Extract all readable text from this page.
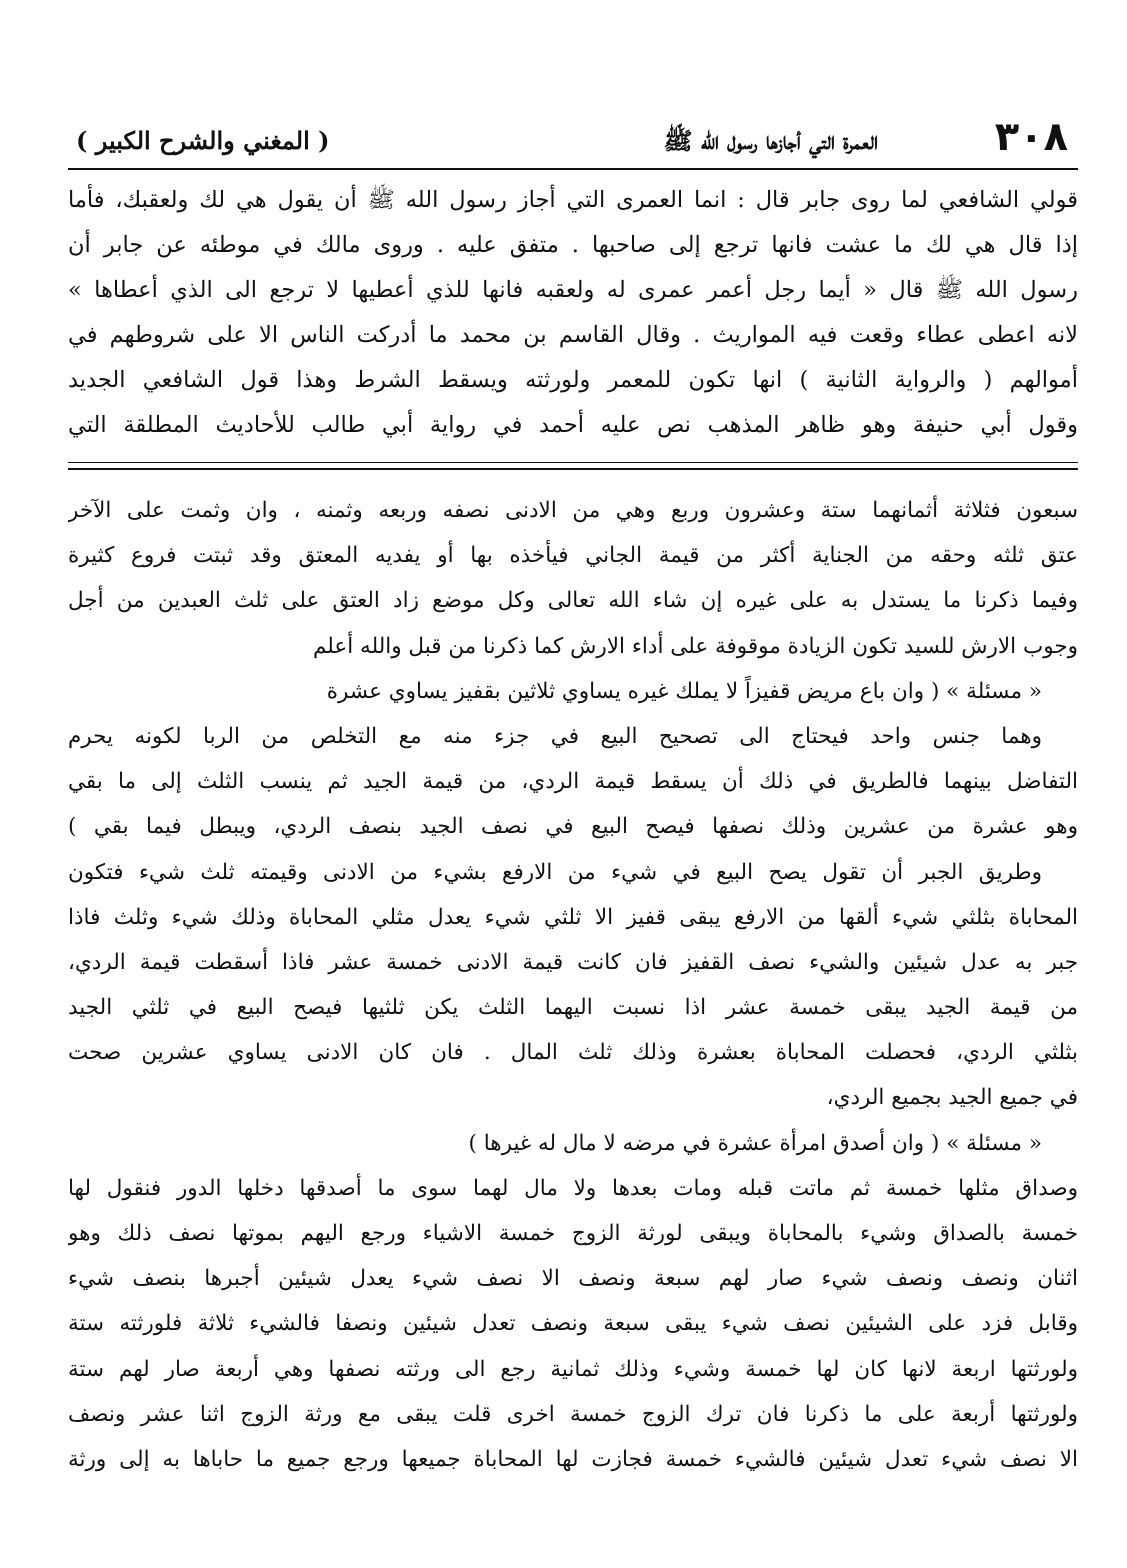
٣٠٨
العمرة التي أجازها رسول الله ﷺ
( المغني والشرح الكبير )
قولي الشافعي لما روى جابر قال : انما العمرى التي أجاز رسول الله ﷺ أن يقول هي لك ولعقبك، فأما
إذا قال هي لك ما عشت فانها ترجع إلى صاحبها . متفق عليه . وروى مالك في موطئه عن جابر أن
رسول الله ﷺ قال « أيما رجل أعمر عمرى له ولعقبه فانها للذي أعطيها لا ترجع الى الذي أعطاها »
لانه اعطى عطاء وقعت فيه المواريث . وقال القاسم بن محمد ما أدركت الناس الا على شروطهم في
أموالهم ( والرواية الثانية ) انها تكون للمعمر ولورثته ويسقط الشرط وهذا قول الشافعي الجديد
وقول أبي حنيفة وهو ظاهر المذهب نص عليه أحمد في رواية أبي طالب للأحاديث المطلقة التي
سبعون فثلاثة أثمانهما ستة وعشرون وربع وهي من الادنى نصفه وربعه وثمنه ، وان وثمت على الآخر
عتق ثلثه وحقه من الجناية أكثر من قيمة الجاني فيأخذه بها أو يفديه المعتق وقد ثبتت فروع كثيرة
وفيما ذكرنا ما يستدل به على غيره إن شاء الله تعالى وكل موضع زاد العتق على ثلث العبدين من أجل
وجوب الارش للسيد تكون الزيادة موقوفة على أداء الارش كما ذكرنا من قبل والله أعلم
« مسئلة » ( وان باع مريض قفيزاً لا يملك غيره يساوي ثلاثين بقفيز يساوي عشرة
وهما جنس واحد فيحتاج الى تصحيح البيع في جزء منه مع التخلص من الربا لكونه يحرم
التفاضل بينهما فالطريق في ذلك أن يسقط قيمة الردي، من قيمة الجيد ثم ينسب الثلث إلى ما بقي
وهو عشرة من عشرين وذلك نصفها فيصح البيع في نصف الجيد بنصف الردي، ويبطل فيما بقي )
وطريق الجبر أن تقول يصح البيع في شيء من الارفع بشيء من الادنى وقيمته ثلث شيء فتكون
المحاباة بثلثي شيء ألقها من الارفع يبقى قفيز الا ثلثي شيء يعدل مثلي المحاباة وذلك شيء وثلث فاذا
جبر به عدل شيئين والشيء نصف القفيز فان كانت قيمة الادنى خمسة عشر فاذا أسقطت قيمة الردي،
من قيمة الجيد يبقى خمسة عشر اذا نسبت اليهما الثلث يكن ثلثيها فيصح البيع في ثلثي الجيد
بثلثي الردي، فحصلت المحاباة بعشرة وذلك ثلث المال . فان كان الادنى يساوي عشرين صحت
في جميع الجيد بجميع الردي،
« مسئلة » ( وان أصدق امرأة عشرة في مرضه لا مال له غيرها )
وصداق مثلها خمسة ثم ماتت قبله ومات بعدها ولا مال لهما سوى ما أصدقها دخلها الدور فنقول لها
خمسة بالصداق وشيء بالمحاباة ويبقى لورثة الزوج خمسة الاشياء ورجع اليهم بموتها نصف ذلك وهو
اثنان ونصف ونصف شيء صار لهم سبعة ونصف الا نصف شيء يعدل شيئين أجبرها بنصف شيء
وقابل فزد على الشيئين نصف شيء يبقى سبعة ونصف تعدل شيئين ونصفا فالشيء ثلاثة فلورثته ستة
ولورثتها اربعة لانها كان لها خمسة وشيء وذلك ثمانية رجع الى ورثته نصفها وهي أربعة صار لهم ستة
ولورثتها أربعة على ما ذكرنا فان ترك الزوج خمسة اخرى قلت يبقى مع ورثة الزوج اثنا عشر ونصف
الا نصف شيء تعدل شيئين فالشيء خمسة فجازت لها المحاباة جميعها ورجع جميع ما حاباها به إلى ورثة
